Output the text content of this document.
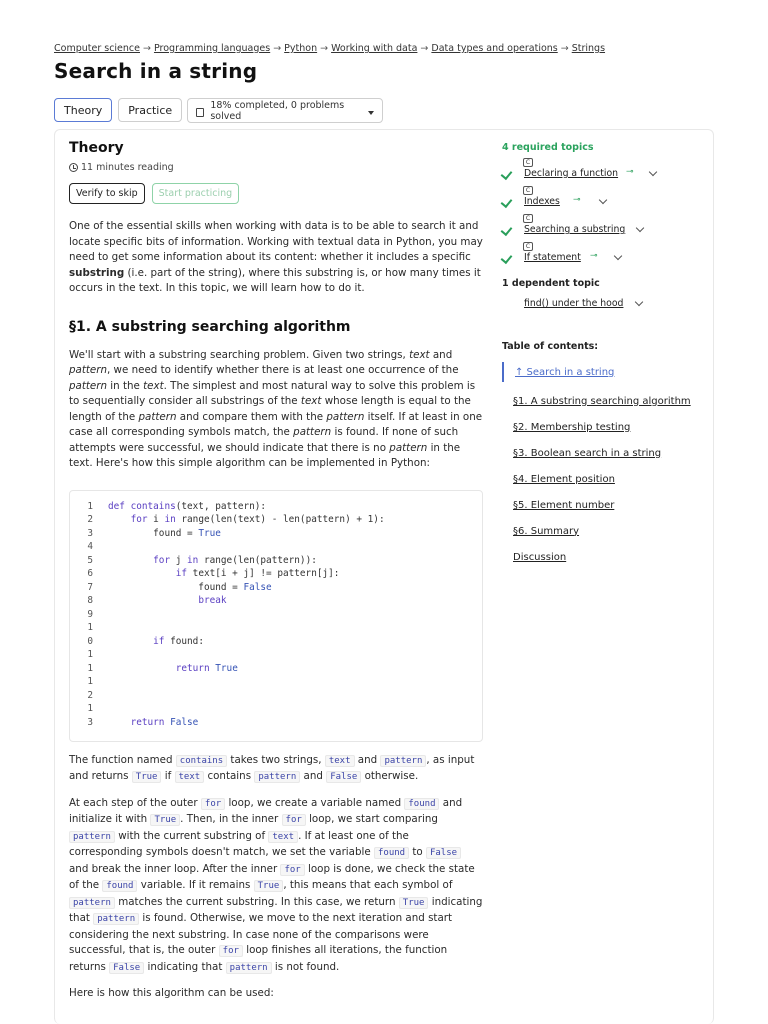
Computer science → Programming languages → Python → Working with data → Data types and operations → Strings
Search in a string
Theory	Practice	18% completed, 0 problems solved
Theory
11 minutes reading
Verify to skip	Start practicing

One of the essential skills when working with data is to be able to search it and locate specific bits of information. Working with textual data in Python, you may need to get some information about its content: whether it includes a specific substring (i.e. part of the string), where this substring is, or how many times it occurs in the text. In this topic, we will learn how to do it.

§1. A substring searching algorithm

We'll start with a substring searching problem. Given two strings, text and pattern, we need to identify whether there is at least one occurrence of the pattern in the text. The simplest and most natural way to solve this problem is to sequentially consider all substrings of the text whose length is equal to the length of the pattern and compare them with the pattern itself. If at least in one case all corresponding symbols match, the pattern is found. If none of such attempts were successful, we should indicate that there is no pattern in the text. Here's how this simple algorithm can be implemented in Python:

1 def contains(text, pattern):
2	for i in range(len(text) - len(pattern) + 1):
3 found = True
4
5	for j in range(len(pattern)):
6	if text[i + j] != pattern[j]:
7 found = False
8	break
9
1
0	if found:
1
1	return True
1
2
1
3	return False

The function named contains takes two strings, text and pattern , as input and returns True if text contains pattern and False otherwise.

At each step of the outer for loop, we create a variable named found and initialize it with True . Then, in the inner for loop, we start comparing pattern with the current substring of text . If at least one of the corresponding symbols doesn't match, we set the variable found to False and break the inner loop. After the inner for loop is done, we check the state of the found variable. If it remains True , this means that each symbol of pattern matches the current substring. In this case, we return True indicating that pattern is found. Otherwise, we move to the next iteration and start considering the next substring. In case none of the comparisons were successful, that is, the outer for loop finishes all iterations, the function returns False indicating that pattern is not found.

Here is how this algorithm can be used:

4 required topics
C
Declaring a function ⊸
C
Indexes ⊸
C
Searching a substring
C
If statement ⊸
1 dependent topic
find() under the hood
Table of contents:
↑ Search in a string
§1. A substring searching algorithm
§2. Membership testing
§3. Boolean search in a string
§4. Element position
§5. Element number
§6. Summary
Discussion
